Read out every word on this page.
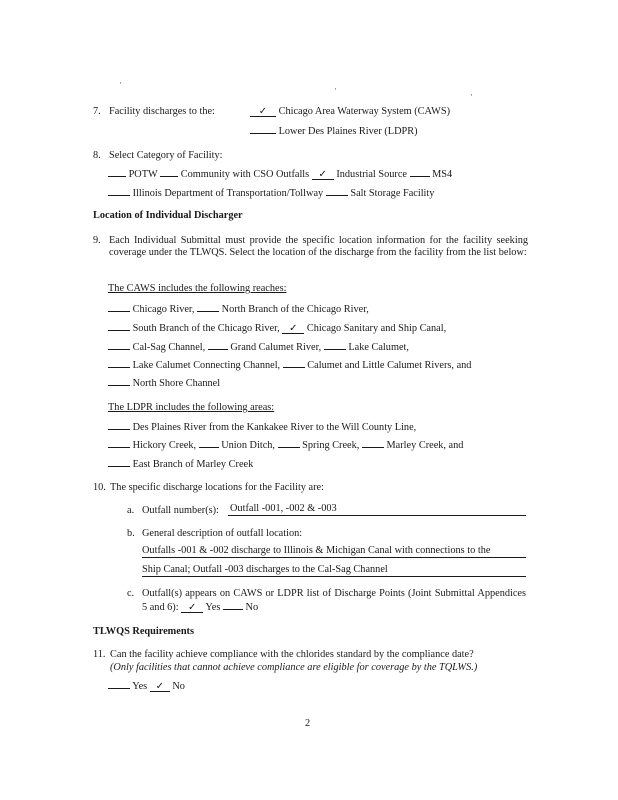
·
·
·
7. Facility discharges to the:	✓ Chicago Area Waterway System (CAWS)
Lower Des Plaines River (LDPR)
8. Select Category of Facility:
POTW Community with CSO Outfalls ✓ Industrial Source MS4
Illinois Department of Transportation/Tollway	Salt Storage Facility
Location of Individual Discharger
9. Each Individual Submittal must provide the specific location information for the facility seeking coverage under the TLWQS. Select the location of the discharge from the facility from the list below:
The CAWS includes the following reaches:
Chicago River,	North Branch of the Chicago River,
South Branch of the Chicago River, ✓ Chicago Sanitary and Ship Canal,
Cal-Sag Channel, Grand Calumet River,	Lake Calumet,
Lake Calumet Connecting Channel,	Calumet and Little Calumet Rivers, and
North Shore Channel
The LDPR includes the following areas:
Des Plaines River from the Kankakee River to the Will County Line,
Hickory Creek, Union Ditch,	Spring Creek,	Marley Creek, and
East Branch of Marley Creek
10. The specific discharge locations for the Facility are:
a. Outfall number(s): Outfall -001, -002 & -003
b. General description of outfall location:
Outfalls -001 & -002 discharge to Illinois & Michigan Canal with connections to the
Ship Canal; Outfall -003 discharges to the Cal-Sag Channel
c. Outfall(s) appears on CAWS or LDPR list of Discharge Points (Joint Submittal Appendices 5 and 6): ✓ Yes No
TLWQS Requirements
11. Can the facility achieve compliance with the chlorides standard by the compliance date?
(Only facilities that cannot achieve compliance are eligible for coverage by the TQLWS.)
Yes ✓ No
2
